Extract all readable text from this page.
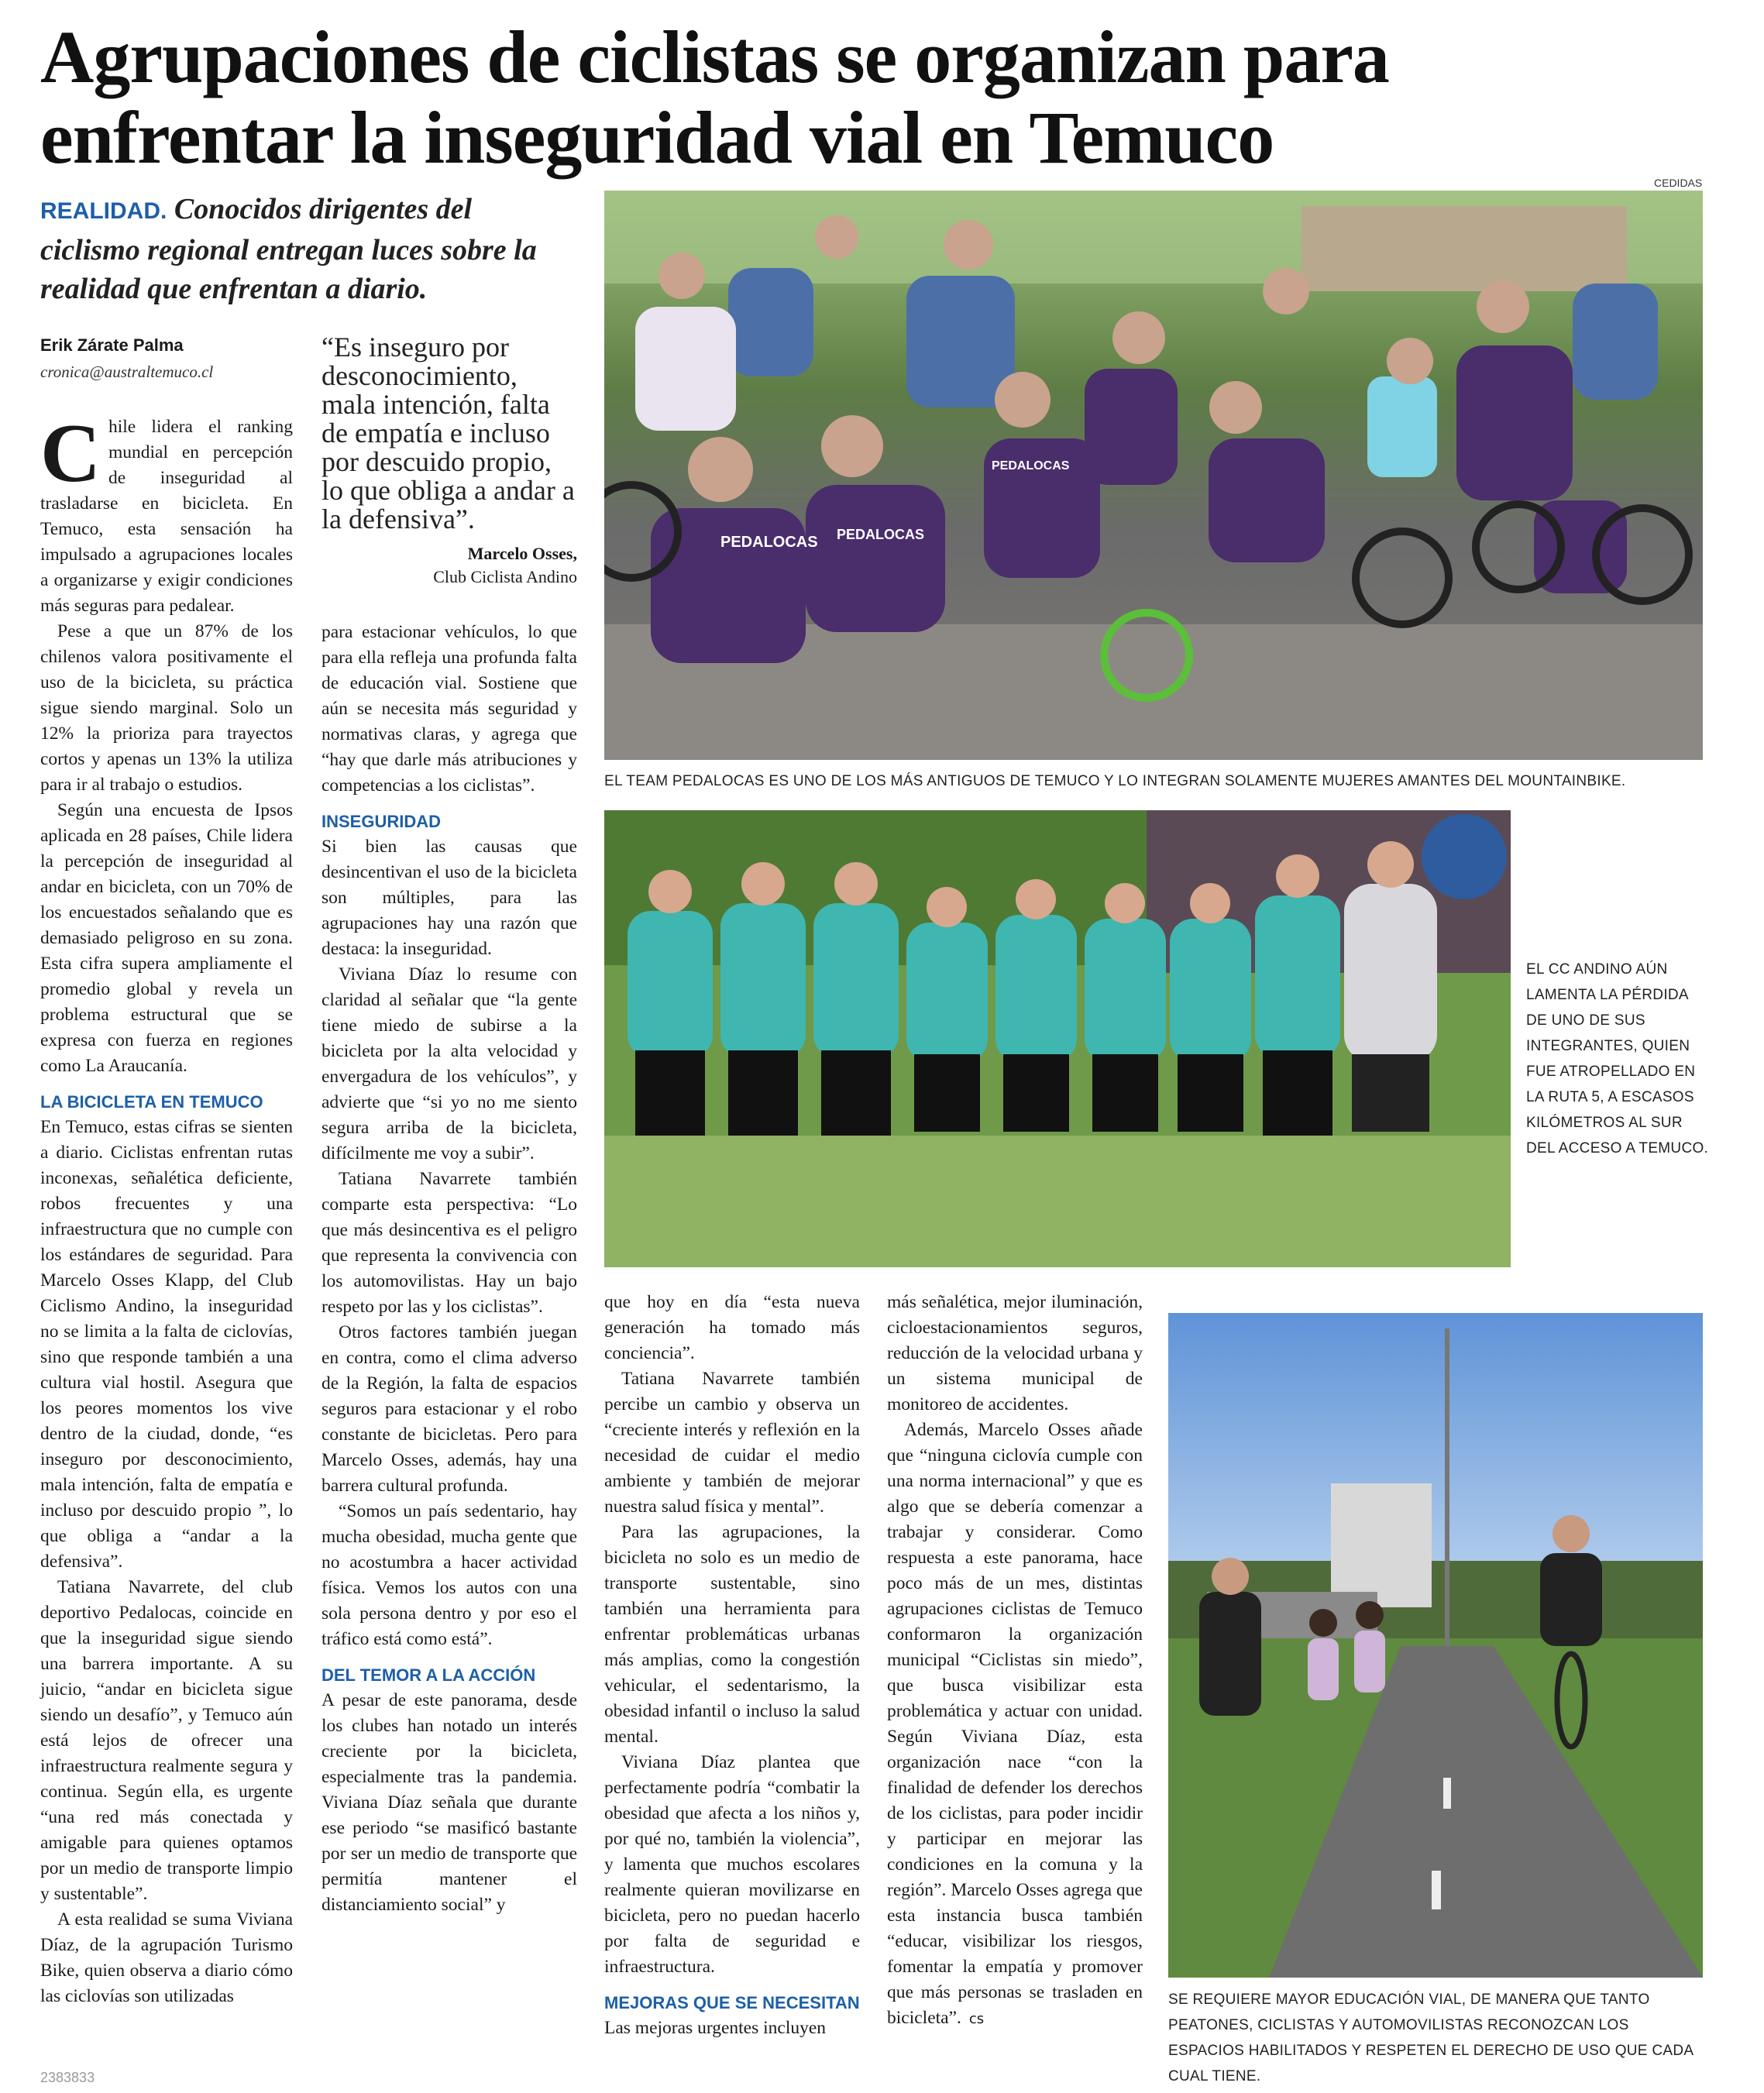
Agrupaciones de ciclistas se organizan para
enfrentar la inseguridad vial en Temuco
REALIDAD. Conocidos dirigentes del ciclismo regional entregan luces sobre la realidad que enfrentan a diario.
Erik Zárate Palma
cronica@australtemuco.cl
“Es inseguro por desconocimiento, mala intención, falta de empatía e incluso por descuido propio, lo que obliga a andar a la defensiva”.
Marcelo Osses,
Club Ciclista Andino

Chile lidera el ranking mundial en percepción de inseguridad al trasladarse en bicicleta. En Temuco, esta sensación ha impulsado a agrupaciones locales a organizarse y exigir condiciones más seguras para pedalear.

Pese a que un 87% de los chilenos valora positivamente el uso de la bicicleta, su práctica sigue siendo marginal. Solo un 12% la prioriza para trayectos cortos y apenas un 13% la utiliza para ir al trabajo o estudios.

Según una encuesta de Ipsos aplicada en 28 países, Chile lidera la percepción de inseguridad al andar en bicicleta, con un 70% de los encuestados señalando que es demasiado peligroso en su zona. Esta cifra supera ampliamente el promedio global y revela un problema estructural que se expresa con fuerza en regiones como La Araucanía.

LA BICICLETA EN TEMUCO

En Temuco, estas cifras se sienten a diario. Ciclistas enfrentan rutas inconexas, señalética deficiente, robos frecuentes y una infraestructura que no cumple con los estándares de seguridad. Para Marcelo Osses Klapp, del Club Ciclismo Andino, la inseguridad no se limita a la falta de ciclovías, sino que responde también a una cultura vial hostil. Asegura que los peores momentos los vive dentro de la ciudad, donde, “es inseguro por desconocimiento, mala intención, falta de empatía e incluso por descuido propio ”, lo que obliga a “andar a la defensiva”.

Tatiana Navarrete, del club deportivo Pedalocas, coincide en que la inseguridad sigue siendo una barrera importante. A su juicio, “andar en bicicleta sigue siendo un desafío”, y Temuco aún está lejos de ofrecer una infraestructura realmente segura y continua. Según ella, es urgente “una red más conectada y amigable para quienes optamos por un medio de transporte limpio y sustentable”.

A esta realidad se suma Viviana Díaz, de la agrupación Turismo Bike, quien observa a diario cómo las ciclovías son utilizadas

para estacionar vehículos, lo que para ella refleja una profunda falta de educación vial. Sostiene que aún se necesita más seguridad y normativas claras, y agrega que “hay que darle más atribuciones y competencias a los ciclistas”.

INSEGURIDAD

Si bien las causas que desincentivan el uso de la bicicleta son múltiples, para las agrupaciones hay una razón que destaca: la inseguridad.

Viviana Díaz lo resume con claridad al señalar que “la gente tiene miedo de subirse a la bicicleta por la alta velocidad y envergadura de los vehículos”, y advierte que “si yo no me siento segura arriba de la bicicleta, difícilmente me voy a subir”.

Tatiana Navarrete también comparte esta perspectiva: “Lo que más desincentiva es el peligro que representa la convivencia con los automovilistas. Hay un bajo respeto por las y los ciclistas”.

Otros factores también juegan en contra, como el clima adverso de la Región, la falta de espacios seguros para estacionar y el robo constante de bicicletas. Pero para Marcelo Osses, además, hay una barrera cultural profunda.

“Somos un país sedentario, hay mucha obesidad, mucha gente que no acostumbra a hacer actividad física. Vemos los autos con una sola persona dentro y por eso el tráfico está como está”.

DEL TEMOR A LA ACCIÓN

A pesar de este panorama, desde los clubes han notado un interés creciente por la bicicleta, especialmente tras la pandemia. Viviana Díaz señala que durante ese periodo “se masificó bastante por ser un medio de transporte que permitía mantener el distanciamiento social” y

que hoy en día “esta nueva generación ha tomado más conciencia”.

Tatiana Navarrete también percibe un cambio y observa un “creciente interés y reflexión en la necesidad de cuidar el medio ambiente y también de mejorar nuestra salud física y mental”.

Para las agrupaciones, la bicicleta no solo es un medio de transporte sustentable, sino también una herramienta para enfrentar problemáticas urbanas más amplias, como la congestión vehicular, el sedentarismo, la obesidad infantil o incluso la salud mental.

Viviana Díaz plantea que perfectamente podría “combatir la obesidad que afecta a los niños y, por qué no, también la violencia”, y lamenta que muchos escolares realmente quieran movilizarse en bicicleta, pero no puedan hacerlo por falta de seguridad e infraestructura.

MEJORAS QUE SE NECESITAN

Las mejoras urgentes incluyen

más señalética, mejor iluminación, cicloestacionamientos seguros, reducción de la velocidad urbana y un sistema municipal de monitoreo de accidentes.

Además, Marcelo Osses añade que “ninguna ciclovía cumple con una norma internacional” y que es algo que se debería comenzar a trabajar y considerar. Como respuesta a este panorama, hace poco más de un mes, distintas agrupaciones ciclistas de Temuco conformaron la organización municipal “Ciclistas sin miedo”, que busca visibilizar esta problemática y actuar con unidad. Según Viviana Díaz, esta organización nace “con la finalidad de defender los derechos de los ciclistas, para poder incidir y participar en mejorar las condiciones en la comuna y la región”. Marcelo Osses agrega que esta instancia busca también “educar, visibilizar los riesgos, fomentar la empatía y promover que más personas se trasladen en bicicleta”. cs

CEDIDAS
PEDALOCAS PEDALOCAS
PEDALOCAS
EL TEAM PEDALOCAS ES UNO DE LOS MÁS ANTIGUOS DE TEMUCO Y LO INTEGRAN SOLAMENTE MUJERES AMANTES DEL MOUNTAINBIKE.
EL CC ANDINO AÚN LAMENTA LA PÉRDIDA DE UNO DE SUS INTEGRANTES, QUIEN FUE ATROPELLADO EN LA RUTA 5, A ESCASOS KILÓMETROS AL SUR DEL ACCESO A TEMUCO.
SE REQUIERE MAYOR EDUCACIÓN VIAL, DE MANERA QUE TANTO PEATONES, CICLISTAS Y AUTOMOVILISTAS RECONOZCAN LOS ESPACIOS HABILITADOS Y RESPETEN EL DERECHO DE USO QUE CADA CUAL TIENE.
2383833
